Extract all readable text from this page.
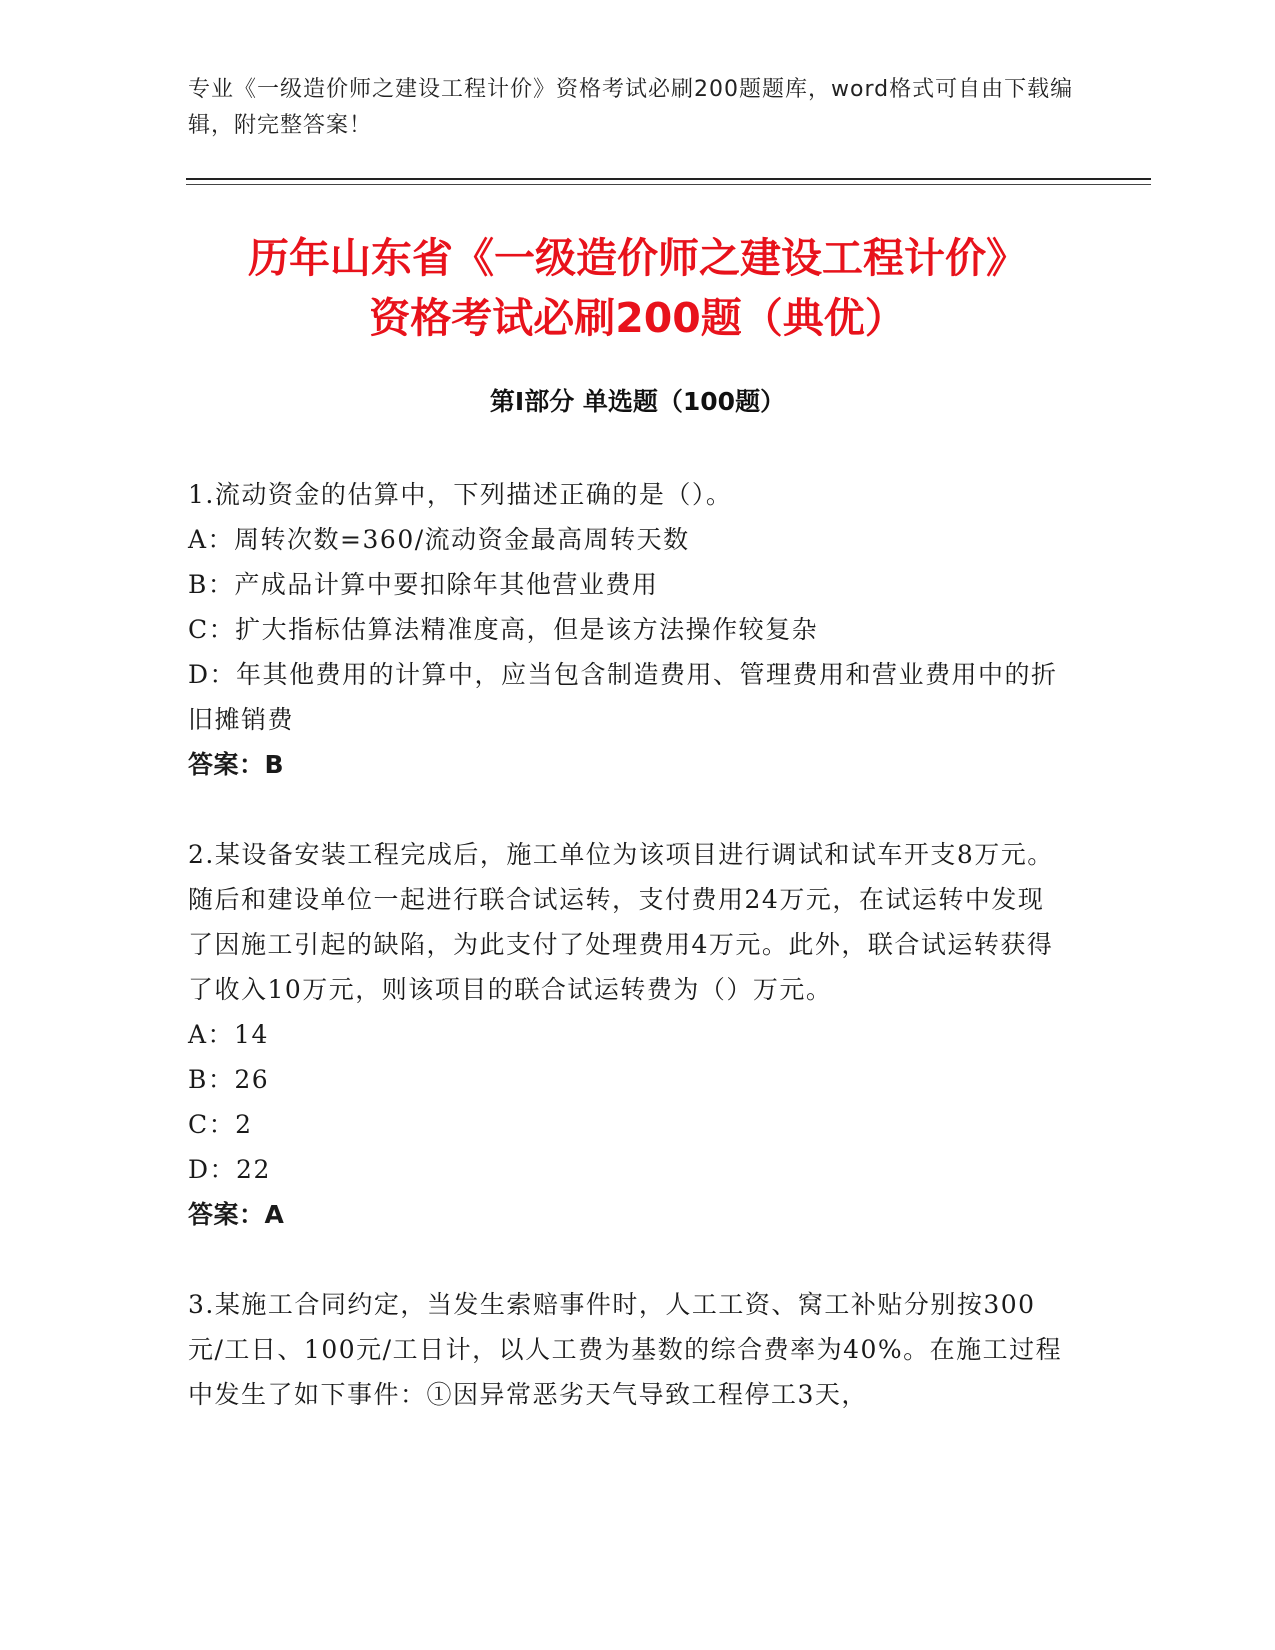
专业《一级造价师之建设工程计价》资格考试必刷200题题库，word格式可自由下载编辑，附完整答案！
历年山东省《一级造价师之建设工程计价》
资格考试必刷200题（典优）
第Ⅰ部分 单选题（100题）
1.流动资金的估算中，下列描述正确的是（）。
A：周转次数=360/流动资金最高周转天数
B：产成品计算中要扣除年其他营业费用
C：扩大指标估算法精准度高，但是该方法操作较复杂
D：年其他费用的计算中，应当包含制造费用、管理费用和营业费用中的折旧摊销费
答案：B
2.某设备安装工程完成后，施工单位为该项目进行调试和试车开支8万元。随后和建设单位一起进行联合试运转，支付费用24万元，在试运转中发现了因施工引起的缺陷，为此支付了处理费用4万元。此外，联合试运转获得了收入10万元，则该项目的联合试运转费为（）万元。
A：14
B：26
C：2
D：22
答案：A
3.某施工合同约定，当发生索赔事件时，人工工资、窝工补贴分别按300元/工日、100元/工日计，以人工费为基数的综合费率为40%。在施工过程中发生了如下事件：①因异常恶劣天气导致工程停工3天，
